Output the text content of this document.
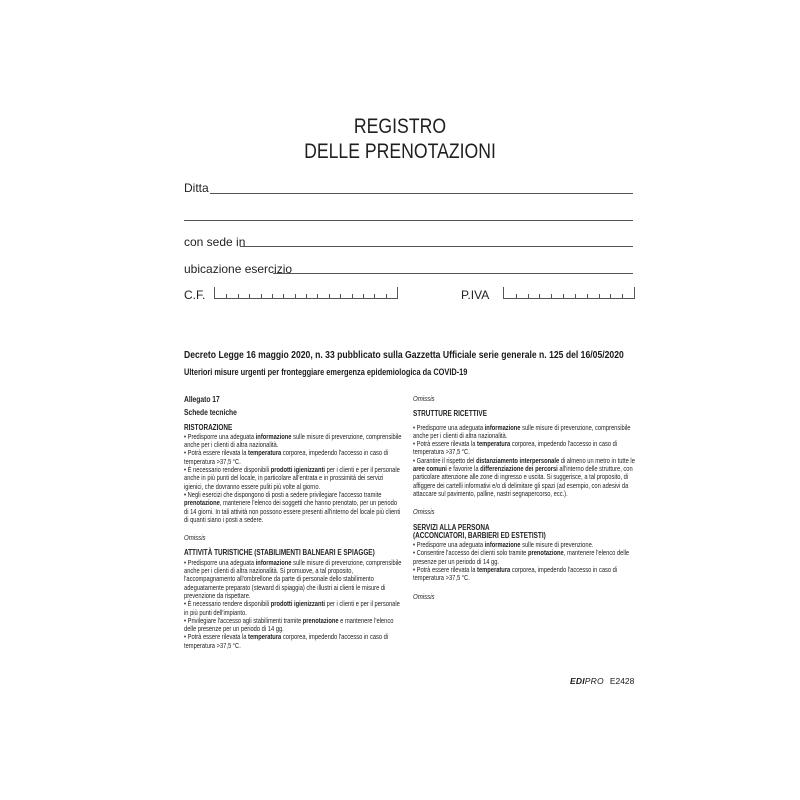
REGISTRO
DELLE PRENOTAZIONI
Ditta
con sede in
ubicazione esercizio
C.F.	P.IVA
Decreto Legge 16 maggio 2020, n. 33 pubblicato sulla Gazzetta Ufficiale serie generale n. 125 del 16/05/2020
Ulteriori misure urgenti per fronteggiare emergenza epidemiologica da COVID-19
Allegato 17
Schede tecniche
RISTORAZIONE

• Predisporre una adeguata informazione sulle misure di prevenzione, comprensibile anche per i clienti di altra nazionalità.

• Potrà essere rilevata la temperatura corporea, impedendo l'accesso in caso di temperatura >37,5 °C.

• È necessario rendere disponibili prodotti igienizzanti per i clienti e per il personale anche in più punti del locale, in particolare all'entrata e in prossimità dei servizi igienici, che dovranno essere puliti più volte al giorno.

• Negli esercizi che dispongono di posti a sedere privilegiare l'accesso tramite prenotazione, mantenere l'elenco dei soggetti che hanno prenotato, per un periodo di 14 giorni. In tali attività non possono essere presenti all'interno del locale più clienti di quanti siano i posti a sedere.

Omissis
ATTIVITÀ TURISTICHE (STABILIMENTI BALNEARI E SPIAGGE)

• Predisporre una adeguata informazione sulle misure di prevenzione, comprensibile anche per i clienti di altra nazionalità. Si promuove, a tal proposito, l'accompagnamento all'ombrellone da parte di personale dello stabilimento adeguatamente preparato (steward di spiaggia) che illustri ai clienti le misure di prevenzione da rispettare.

• È necessario rendere disponibili prodotti igienizzanti per i clienti e per il personale in più punti dell'impianto.

• Privilegiare l'accesso agli stabilimenti tramite prenotazione e mantenere l'elenco delle presenze per un periodo di 14 gg.

• Potrà essere rilevata la temperatura corporea, impedendo l'accesso in caso di temperatura >37,5 °C.

Omissis
STRUTTURE RICETTIVE

• Predisporre una adeguata informazione sulle misure di prevenzione, comprensibile anche per i clienti di altra nazionalità.

• Potrà essere rilevata la temperatura corporea, impedendo l'accesso in caso di temperatura >37,5 °C.

• Garantire il rispetto del distanziamento interpersonale di almeno un metro in tutte le aree comuni e favorire la differenziazione dei percorsi all'interno delle strutture, con particolare attenzione alle zone di ingresso e uscita. Si suggerisce, a tal proposito, di affiggere dei cartelli informativi e/o di delimitare gli spazi (ad esempio, con adesivi da attaccare sul pavimento, palline, nastri segnapercorso, ecc.).

Omissis
SERVIZI ALLA PERSONA
(ACCONCIATORI, BARBIERI ED ESTETISTI)

• Predisporre una adeguata informazione sulle misure di prevenzione.

• Consentire l'accesso dei clienti solo tramite prenotazione, mantenere l'elenco delle presenze per un periodo di 14 gg.

• Potrà essere rilevata la temperatura corporea, impedendo l'accesso in caso di temperatura >37,5 °C.

Omissis
EDIPRO E2428
